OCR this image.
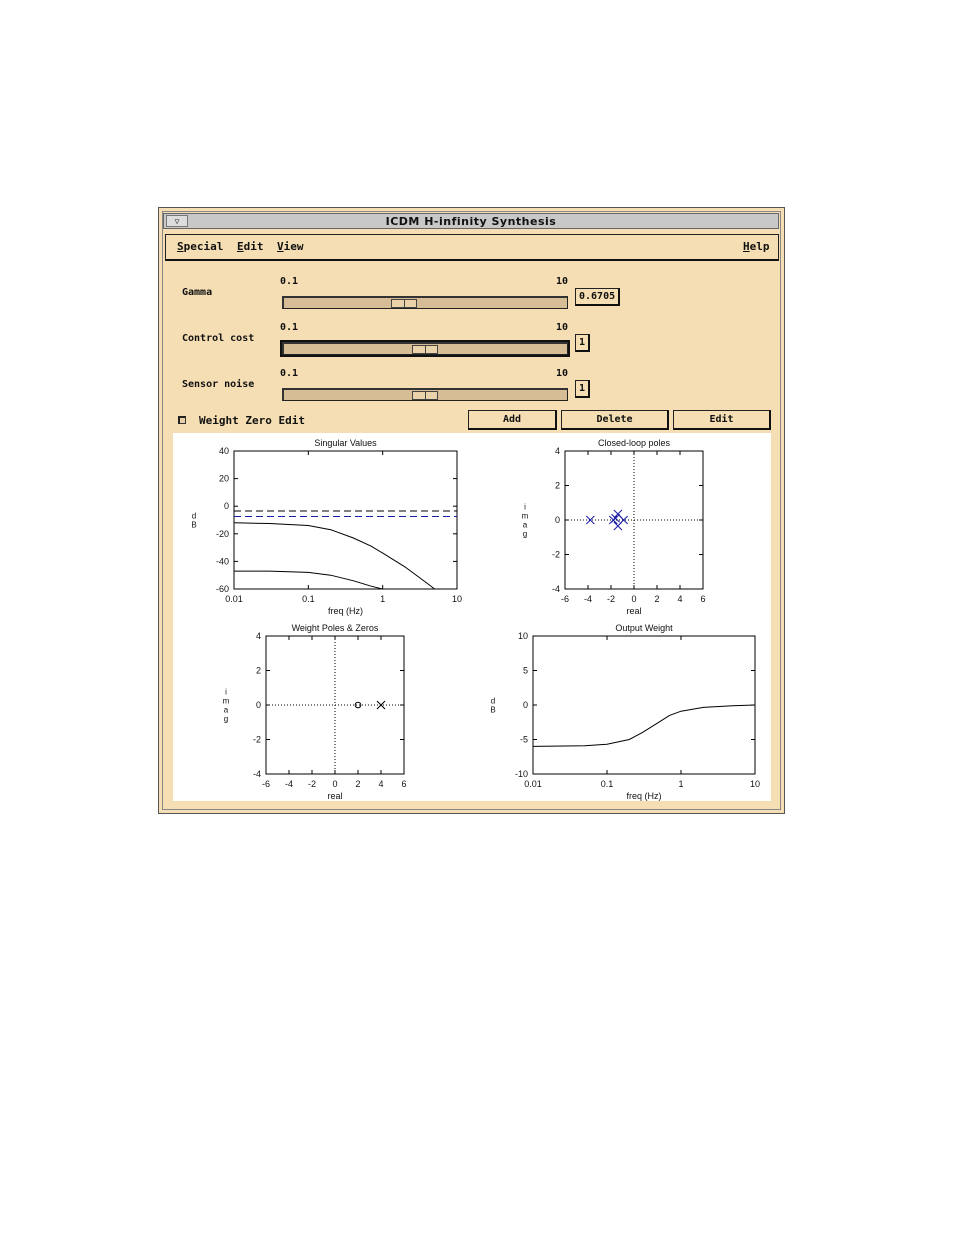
▽	ICDM H-infinity Synthesis
Special Edit View	Help
Gamma
0.1	10
0.6705
Control cost
0.1	10
1
Sensor noise
0.1	10
1
Weight Zero Edit	Add	Delete	Edit
Singular Values
freq (Hz)
d
B
0.01	0.1	1	10
40
20
0
-20
-40
-60
Closed-loop poles
real
i
m
a
g
-6 -4 -2 0 2 4 6
4
2
0
-2
-4
Weight Poles & Zeros
real
i
m
a
g
-6 -4 -2 0 2 4 6
4
2
0
-2
-4
Output Weight
freq (Hz)
d
B
0.01	0.1	1	10
10
5
0
-5
-10
